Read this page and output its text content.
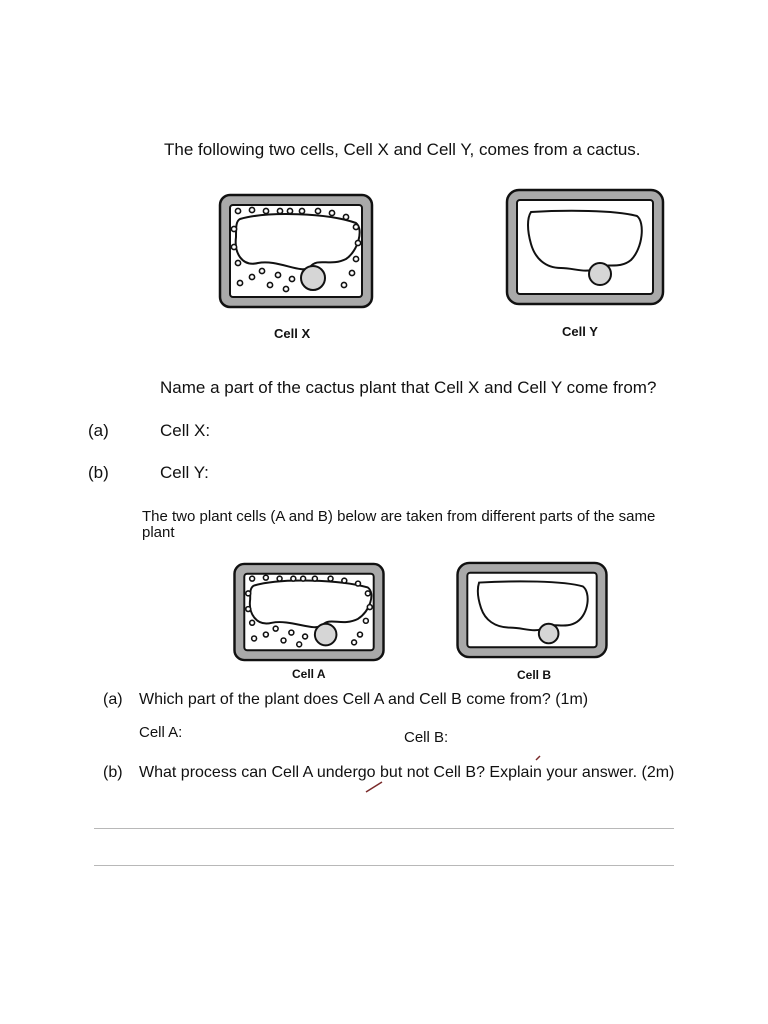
The following two cells, Cell X and Cell Y, comes from a cactus.
Cell X	Cell Y
Name a part of the cactus plant that Cell X and Cell Y come from?
(a)	Cell X:
(b)	Cell Y:
The two plant cells (A and B) below are taken from different parts of the same
plant
Cell A	Cell B
(a) Which part of the plant does Cell A and Cell B come from? (1m)
Cell A:	Cell B:
(b) What process can Cell A undergo but not Cell B? Explain your answer. (2m)
